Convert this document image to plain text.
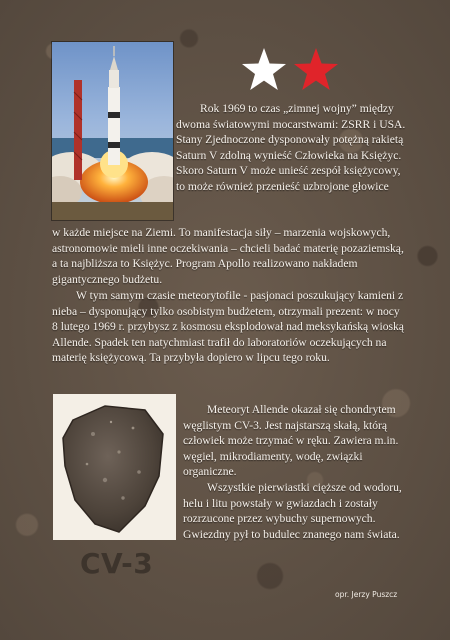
Rok 1969 to czas „zimnej wojny” między dwoma światowymi mocarstwami: ZSRR i USA. Stany Zjednoczone dysponowały potężną rakietą Saturn V zdolną wynieść Człowieka na Księżyc. Skoro Saturn V może unieść zespół księżycowy, to może również przenieść uzbrojone głowice

w każde miejsce na Ziemi. To manifestacja siły – marzenia wojskowych, astronomowie mieli inne oczekiwania – chcieli badać materię pozaziemską, a ta najbliższa to Księżyc. Program Apollo realizowano nakładem gigantycznego budżetu.

W tym samym czasie meteorytofile - pasjonaci poszukujący kamieni z nieba – dysponujący tylko osobistym budżetem, otrzymali prezent: w nocy 8 lutego 1969 r. przybysz z kosmosu eksplodował nad meksykańską wioską Allende. Spadek ten natychmiast trafił do laboratoriów oczekujących na materię księżycową. Ta przybyła dopiero w lipcu tego roku.

CV-3

Meteoryt Allende okazał się chondrytem węglistym CV-3. Jest najstarszą skałą, którą człowiek może trzymać w ręku. Zawiera m.in. węgiel, mikrodiamenty, wodę, związki organiczne.

Wszystkie pierwiastki cięższe od wodoru, helu i litu powstały w gwiazdach i zostały rozrzucone przez wybuchy supernowych. Gwiezdny pył to budulec znanego nam świata.

opr. Jerzy Puszcz
